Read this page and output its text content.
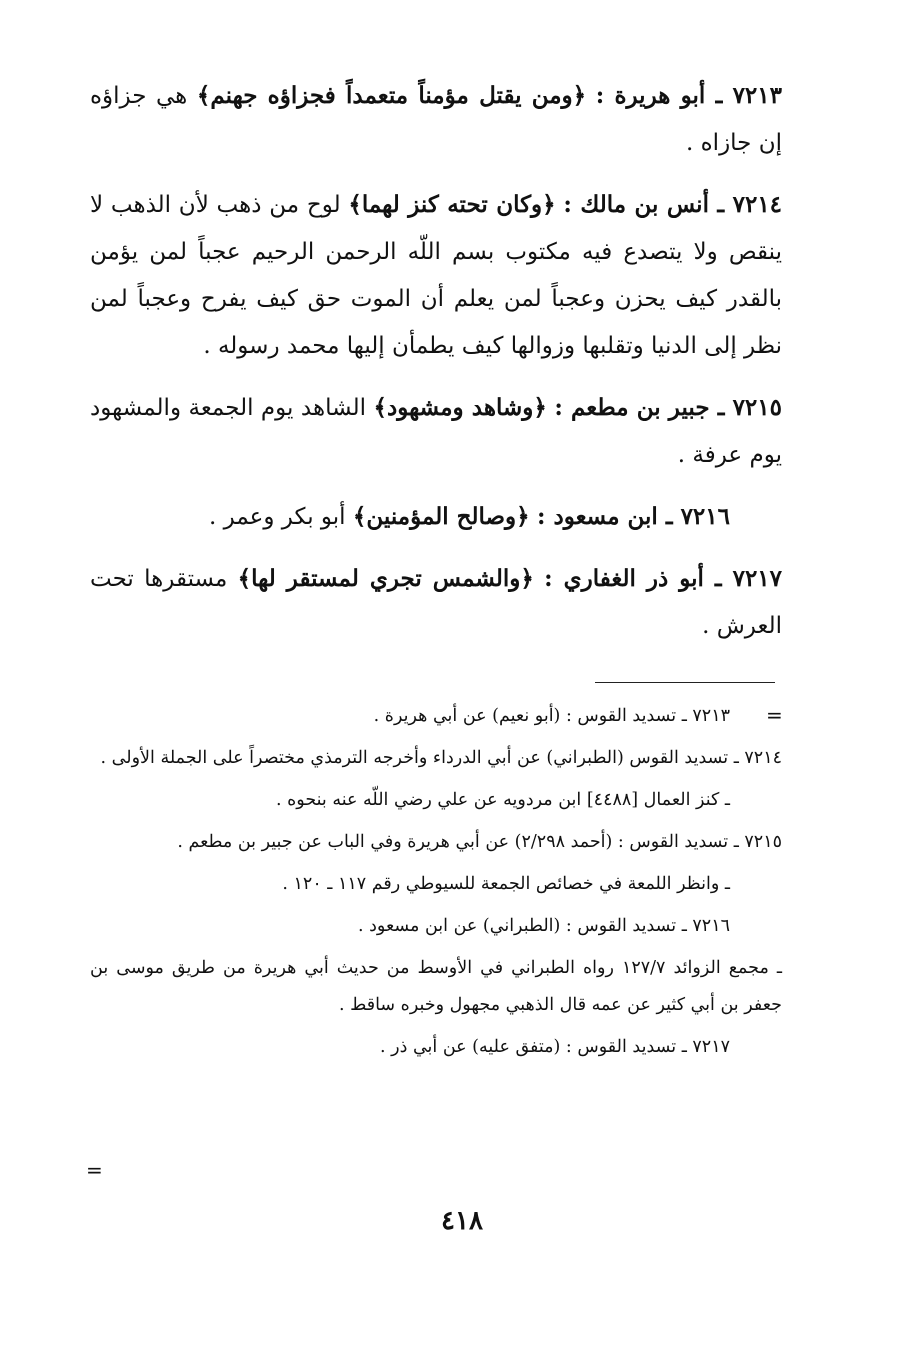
٧٢١٣ ـ أبو هريرة : ﴿ومن يقتل مؤمناً متعمداً فجزاؤه جهنم﴾ هي جزاؤه إن جازاه .

٧٢١٤ ـ أنس بن مالك : ﴿وكان تحته كنز لهما﴾ لوح من ذهب لأن الذهب لا ينقص ولا يتصدع فيه مكتوب بسم اللّه الرحمن الرحيم عجباً لمن يؤمن بالقدر كيف يحزن وعجباً لمن يعلم أن الموت حق كيف يفرح وعجباً لمن نظر إلى الدنيا وتقلبها وزوالها كيف يطمأن إليها محمد رسوله .

٧٢١٥ ـ جبير بن مطعم : ﴿وشاهد ومشهود﴾ الشاهد يوم الجمعة والمشهود يوم عرفة .

٧٢١٦ ـ ابن مسعود : ﴿وصالح المؤمنين﴾ أبو بكر وعمر .

٧٢١٧ ـ أبو ذر الغفاري : ﴿والشمس تجري لمستقر لها﴾ مستقرها تحت العرش .

=

٧٢١٣ ـ تسديد القوس : (أبو نعيم) عن أبي هريرة .

٧٢١٤ ـ تسديد القوس (الطبراني) عن أبي الدرداء وأخرجه الترمذي مختصراً على الجملة الأولى .

ـ كنز العمال [٤٤٨٨] ابن مردويه عن علي رضي اللّه عنه بنحوه .

٧٢١٥ ـ تسديد القوس : (أحمد ٢/٢٩٨) عن أبي هريرة وفي الباب عن جبير بن مطعم .

ـ وانظر اللمعة في خصائص الجمعة للسيوطي رقم ١١٧ ـ ١٢٠ .

٧٢١٦ ـ تسديد القوس : (الطبراني) عن ابن مسعود .

ـ مجمع الزوائد ١٢٧/٧ رواه الطبراني في الأوسط من حديث أبي هريرة من طريق موسى بن جعفر بن أبي كثير عن عمه قال الذهبي مجهول وخبره ساقط .

٧٢١٧ ـ تسديد القوس : (متفق عليه) عن أبي ذر .

=
٤١٨
